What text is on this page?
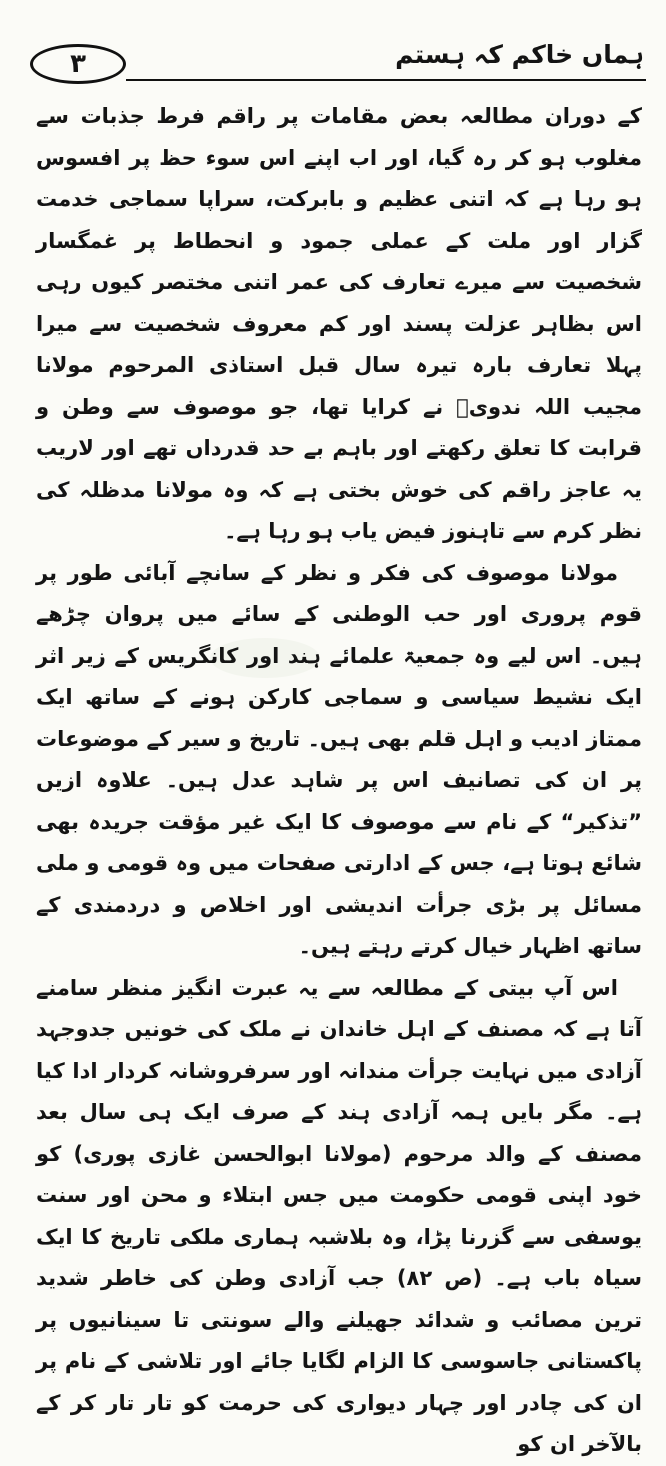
٣	ہماں خاکم کہ ہستم

کے دوران مطالعہ بعض مقامات پر راقم فرط جذبات سے مغلوب ہو کر رہ گیا، اور اب اپنے اس سوء حظ پر افسوس ہو رہا ہے کہ اتنی عظیم و بابرکت، سراپا سماجی خدمت گزار اور ملت کے عملی جمود و انحطاط پر غمگسار شخصیت سے میرے تعارف کی عمر اتنی مختصر کیوں رہی اس بظاہر عزلت پسند اور کم معروف شخصیت سے میرا پہلا تعارف بارہ تیرہ سال قبل استاذی المرحوم مولانا مجیب اللہ ندویؒ نے کرایا تھا، جو موصوف سے وطن و قرابت کا تعلق رکھتے اور باہم بے حد قدرداں تھے اور لاریب یہ عاجز راقم کی خوش بختی ہے کہ وہ مولانا مدظلہ کی نظر کرم سے تاہنوز فیض یاب ہو رہا ہے۔

مولانا موصوف کی فکر و نظر کے سانچے آبائی طور پر قوم پروری اور حب الوطنی کے سائے میں پروان چڑھے ہیں۔ اس لیے وہ جمعیۃ علمائے ہند اور کانگریس کے زیر اثر ایک نشیط سیاسی و سماجی کارکن ہونے کے ساتھ ایک ممتاز ادیب و اہل قلم بھی ہیں۔ تاریخ و سیر کے موضوعات پر ان کی تصانیف اس پر شاہد عدل ہیں۔ علاوہ ازیں ”تذکیر“ کے نام سے موصوف کا ایک غیر مؤقت جریدہ بھی شائع ہوتا ہے، جس کے ادارتی صفحات میں وہ قومی و ملی مسائل پر بڑی جرأت اندیشی اور اخلاص و دردمندی کے ساتھ اظہار خیال کرتے رہتے ہیں۔

اس آپ بیتی کے مطالعہ سے یہ عبرت انگیز منظر سامنے آتا ہے کہ مصنف کے اہل خاندان نے ملک کی خونیں جدوجہد آزادی میں نہایت جرأت مندانہ اور سرفروشانہ کردار ادا کیا ہے۔ مگر بایں ہمہ آزادی ہند کے صرف ایک ہی سال بعد مصنف کے والد مرحوم (مولانا ابوالحسن غازی پوری) کو خود اپنی قومی حکومت میں جس ابتلاء و محن اور سنت یوسفی سے گزرنا پڑا، وہ بلاشبہ ہماری ملکی تاریخ کا ایک سیاہ باب ہے۔ (ص ۸۲) جب آزادی وطن کی خاطر شدید ترین مصائب و شدائد جھیلنے والے سونتی تا سینانیوں پر پاکستانی جاسوسی کا الزام لگایا جائے اور تلاشی کے نام پر ان کی چادر اور چہار دیواری کی حرمت کو تار تار کر کے بالآخر ان کو
